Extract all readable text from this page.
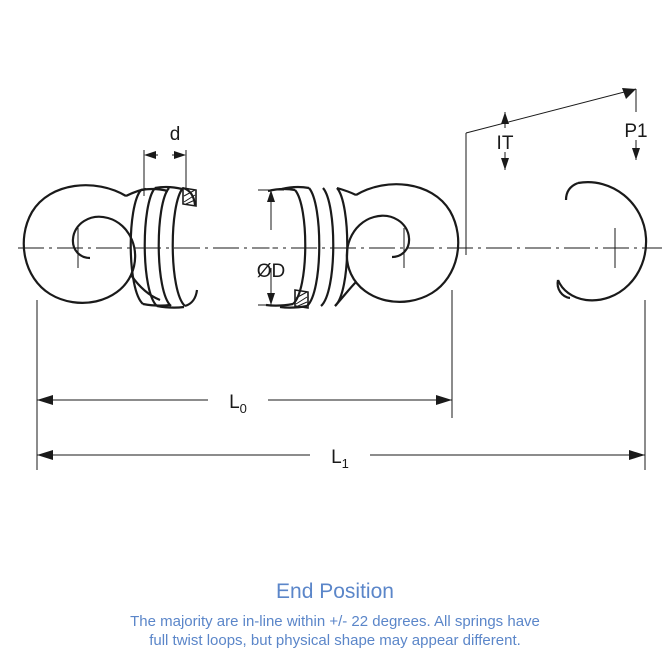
d
ØD
IT
P1
$L_0$
$L_1$
End Position
The majority are in-line within +/- 22 degrees. All springs have
full twist loops, but physical shape may appear different.
